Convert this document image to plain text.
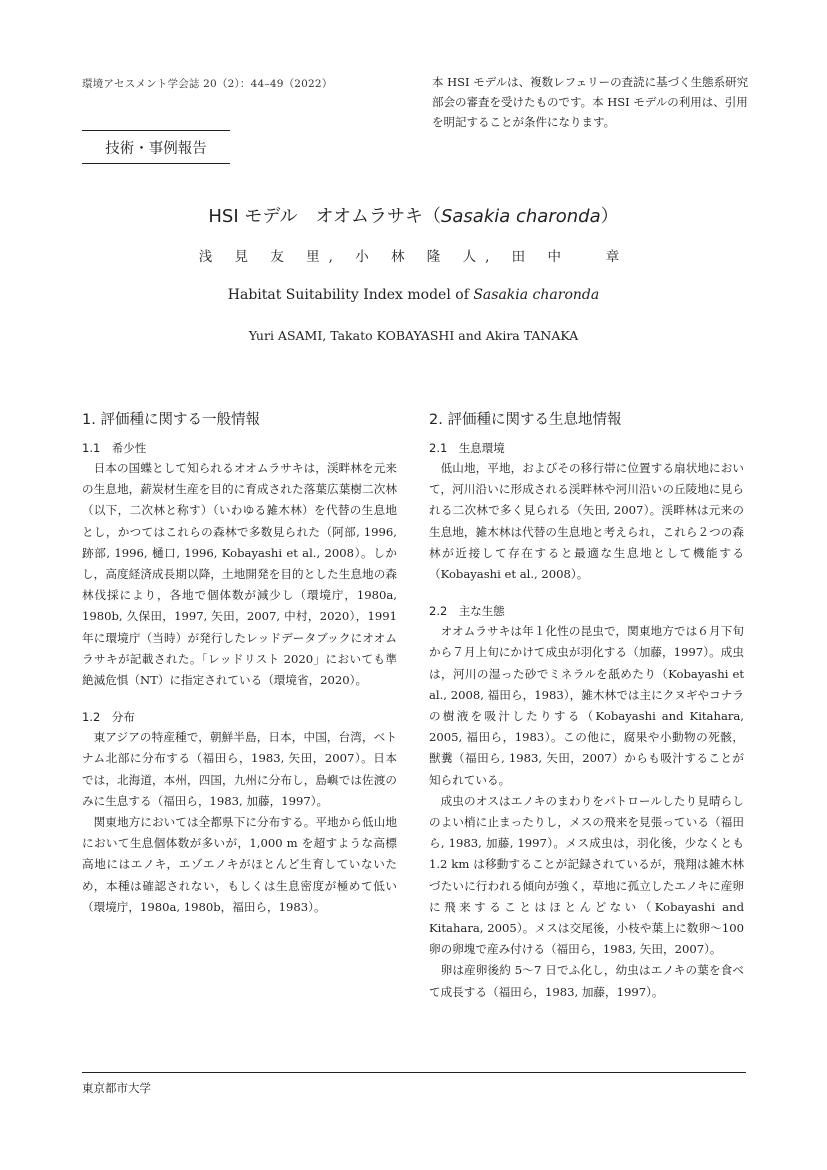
環境アセスメント学会誌 20（2）：44–49（2022）	本 HSI モデルは、複数レフェリーの査読に基づく生態系研究部会の審査を受けたものです。本 HSI モデルの利用は、引用を明記することが条件になります。
技術・事例報告
HSI モデル　オオムラサキ（Sasakia charonda）
浅 見 友 里, 小 林 隆 人, 田 中　 章
Habitat Suitability Index model of Sasakia charonda
Yuri ASAMI, Takato KOBAYASHI and Akira TANAKA
1. 評価種に関する一般情報
1.1　希少性

日本の国蝶として知られるオオムラサキは，渓畔林を元来の生息地，薪炭材生産を目的に育成された落葉広葉樹二次林（以下，二次林と称す）（いわゆる雑木林）を代替の生息地とし，かつてはこれらの森林で多数見られた（阿部, 1996, 跡部, 1996, 樋口, 1996, Kobayashi et al., 2008）。しかし，高度経済成長期以降，土地開発を目的とした生息地の森林伐採により，各地で個体数が減少し（環境庁，1980a, 1980b, 久保田，1997, 矢田，2007, 中村，2020），1991 年に環境庁（当時）が発行したレッドデータブックにオオムラサキが記載された。「レッドリスト 2020」においても準絶滅危惧（NT）に指定されている（環境省，2020）。

1.2　分布

東アジアの特産種で，朝鮮半島，日本，中国，台湾，ベトナム北部に分布する（福田ら，1983, 矢田，2007）。日本では，北海道，本州，四国，九州に分布し，島嶼では佐渡のみに生息する（福田ら，1983, 加藤，1997）。

関東地方においては全都県下に分布する。平地から低山地において生息個体数が多いが，1,000 m を超すような高標高地にはエノキ，エゾエノキがほとんど生育していないため，本種は確認されない，もしくは生息密度が極めて低い（環境庁，1980a, 1980b，福田ら，1983）。

2. 評価種に関する生息地情報
2.1　生息環境

低山地，平地，およびその移行帯に位置する扇状地において，河川沿いに形成される渓畔林や河川沿いの丘陵地に見られる二次林で多く見られる（矢田, 2007）。渓畔林は元来の生息地，雑木林は代替の生息地と考えられ，これら２つの森林が近接して存在すると最適な生息地として機能する（Kobayashi et al., 2008）。

2.2　主な生態

オオムラサキは年１化性の昆虫で，関東地方では６月下旬から７月上旬にかけて成虫が羽化する（加藤，1997）。成虫は，河川の湿った砂でミネラルを舐めたり（Kobayashi et al., 2008, 福田ら，1983），雑木林では主にクヌギやコナラの樹液を吸汁したりする（Kobayashi and Kitahara, 2005, 福田ら，1983）。この他に，腐果や小動物の死骸，獣糞（福田ら, 1983, 矢田，2007）からも吸汁することが知られている。

成虫のオスはエノキのまわりをパトロールしたり見晴らしのよい梢に止まったりし，メスの飛来を見張っている（福田ら, 1983, 加藤, 1997）。メス成虫は，羽化後，少なくとも 1.2 km は移動することが記録されているが，飛翔は雑木林づたいに行われる傾向が強く，草地に孤立したエノキに産卵に飛来することはほとんどない（Kobayashi and Kitahara, 2005）。メスは交尾後，小枝や葉上に数卵～100 卵の卵塊で産み付ける（福田ら，1983, 矢田，2007）。

卵は産卵後約 5～7 日でふ化し，幼虫はエノキの葉を食べて成長する（福田ら，1983, 加藤，1997）。

東京都市大学
